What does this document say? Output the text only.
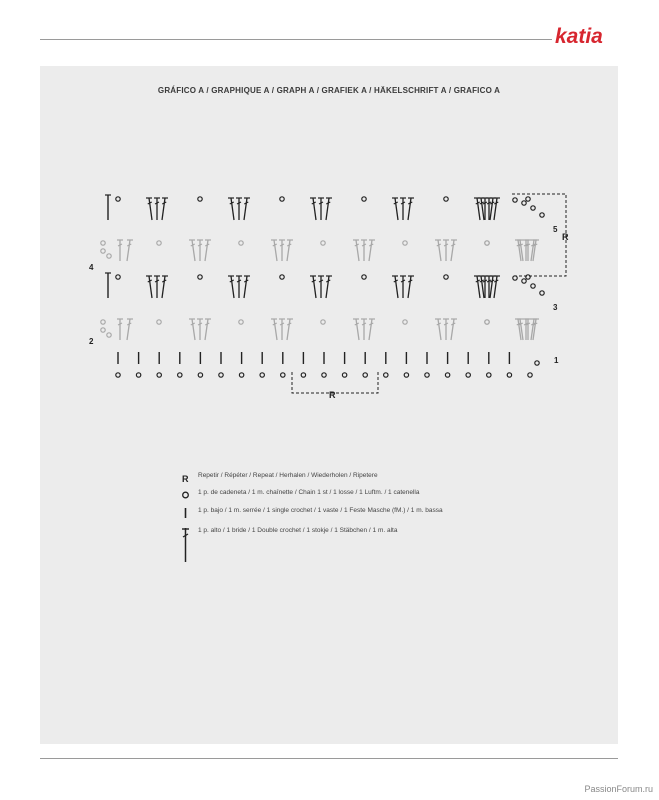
katia
GRÁFICO A / GRAPHIQUE A / GRAPH A / GRAFIEK A / HÄKELSCHRIFT A / GRAFICO A
4
2
1
3
5
R
R
R Repetir / Répéter / Repeat / Herhalen / Wiederholen / Ripetere
1 p. de cadeneta / 1 m. chaînette / Chain 1 st / 1 losse / 1 Luftm. / 1 catenella
1 p. bajo / 1 m. serrée / 1 single crochet / 1 vaste / 1 Feste Masche (fM.) / 1 m. bassa
1 p. alto / 1 bride / 1 Double crochet / 1 stokje / 1 Stäbchen / 1 m. alta
PassionForum.ru
